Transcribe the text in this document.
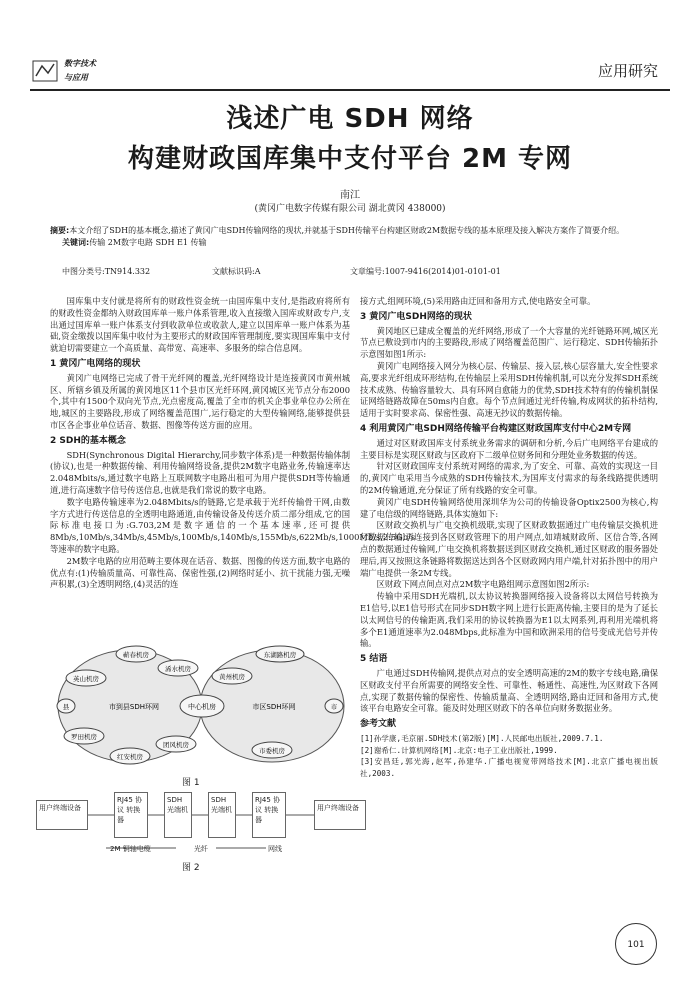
数字技术
与应用	应用研究
浅述广电 SDH 网络
构建财政国库集中支付平台 2M 专网
南江
(黄冈广电数字传媒有限公司 湖北黄冈 438000)
摘要:本文介绍了SDH的基本概念,描述了黄冈广电SDH传输网络的现状,并就基于SDH传输平台构建区财政2M数据专线的基本原理及接入解决方案作了简要介绍。
关键词:传输 2M数字电路 SDH E1 传输
中图分类号:TN914.332	文献标识码:A	文章编号:1007-9416(2014)01-0101-01

国库集中支付就是将所有的财政性资金统一由国库集中支付,是指政府将所有的财政性资金都纳入财政国库单一账户体系管理,收入直接缴入国库或财政专户,支出通过国库单一账户体系支付到收款单位或收款人,建立以国库单一账户体系为基础,资金缴拨以国库集中收付为主要形式的财政国库管理制度,要实现国库集中支付就迫切需要建立一个高质量、高带宽、高速率、多服务的综合信息网。

1 黄冈广电网络的现状

黄冈广电网络已完成了骨干光纤网的覆盖,光纤网络设计是连接黄冈市黄州城区、所辖乡镇及所属的黄冈地区11个县市区光纤环网,黄冈城区光节点分布2000个,其中有1500个双向光节点,光点密度高,覆盖了全市的机关企事业单位办公所在地,城区的主要路段,形成了网络覆盖范围广,运行稳定的大型传输网络,能够提供县市区各企事业单位话音、数据、图像等传送方面的应用。

2 SDH的基本概念

SDH(Synchronous Digital Hierarchy,同步数字体系)是一种数据传输体制(协议),也是一种数据传输、利用传输网络设备,提供2M数字电路业务,传输速率达2.048Mbits/s,通过数字电路上互联网数字电路出租可为用户提供SDH等传输通道,进行高速数字信号传送信息,也就是我们常说的数字电路。

数字电路传输速率为2.048Mbits/s的链路,它是承载于光纤传输骨干网,由数字方式进行传送信息的全透明电路通道,由传输设备及传送介质二部分组成,它的国际标准电接口为:G.703,2M是数字通信的一个基本速率,还可提供8Mb/s,10Mb/s,34Mb/s,45Mb/s,100Mb/s,140Mb/s,155Mb/s,622Mb/s,1000Mb/s,2.5Gb/s等速率的数字电路。

2M数字电路的应用范畴主要体现在话音、数据、图像的传送方面,数字电路的优点有:(1)传输质量高、可靠性高、保密性强,(2)网络时延小、抗干扰能力强,无噪声积累,(3)全透明网络,(4)灵活的连

中心机房
市到县SDH环网	市区SDH环网
蕲春机房
浠水机房
英山机房
罗田机房
红安机房
团风机房
县
东湖路机房
黄州机房
市委机房
市
图 1
用户终端设备
RJ45 协议 转换器
SDH 光端机
SDH 光端机
RJ45 协议 转换器
用户终端设备
2M 铜轴电缆	光纤	网线
图 2

接方式,组网环境,(5)采用路由迂回和备用方式,使电路安全可靠。

3 黄冈广电SDH网络的现状

黄冈地区已建成全覆盖的光纤网络,形成了一个大容量的光纤链路环网,城区光节点已敷设到市内的主要路段,形成了网络覆盖范围广、运行稳定、SDH传输拓扑示意图如图1所示:

黄冈广电网络接入网分为核心层、传输层、接入层,核心层容量大,安全性要求高,要求光纤组成环形结构,在传输层上采用SDH传输机制,可以充分发挥SDH系统技术成熟、传输容量较大、具有环网自愈能力的优势,SDH技术特有的传输机制保证网络链路故障在50ms内自愈。每个节点间通过光纤传输,构成网状的拓朴结构,适用于实时要求高、保密性强、高速无抄议的数据传输。

4 利用黄冈广电SDH网络传输平台构建区财政国库支付中心2M专网

通过对区财政国库支付系统业务需求的调研和分析,今后广电网络平台建成的主要目标是实现区财政与区政府下二级单位财务间和分理处业务数据的传送。

针对区财政国库支付系统对网络的需求,为了安全、可靠、高效的实现这一目的,黄冈广电采用当今成熟的SDH传输技术,为国库支付需求的每条线路提供透明的2M传输通道,充分保证了所有线路的安全可靠。

黄冈广电SDH传输网络使用深圳华为公司的传输设备Optix2500为核心,构建了电信级的网络链路,具体实施如下:

区财政交换机与广电交换机级联,实现了区财政数据通过广电传输层交换机进行数据传输,再连接到各区财政管理下的用户网点,如靖城财政所、区信合等,各网点的数据通过传输网,广电交换机将数据送到区财政交换机,通过区财政的服务器处理后,再又按照这条链路将数据送达到各个区财政网内用户端,针对拓扑图中的用户端广电提供一条2M专线。

区财政下网点间点对点2M数字电路组网示意图如图2所示:

传输中采用SDH光端机,以太协议转换器网络接入设备将以太网信号转换为E1信号,以E1信号形式在同步SDH数字网上进行长距离传输,主要目的是为了延长以太网信号的传输距离,我们采用的协议转换器为E1以太网系列,再利用光端机将多个E1通道速率为2.048Mbps,此标准为中国和欧洲采用的信号变成光信号并传输。

5 结语

广电通过SDH传输网,提供点对点的安全透明高速的2M的数字专线电路,确保区财政支付平台所需要的网络安全性、可靠性、畅通性、高速性,为区财政下各网点,实现了数据传输的保密性、传输质量高、全透明网络,路由迂回和备用方式,使该平台电路安全可靠。能及时处理区财政下的各单位向财务数据业务。

参考文献

[1]孙学康,毛京丽.SDH技术(第2版)[M].人民邮电出版社,2009.7.1.

[2]谢希仁.计算机网络[M].北京:电子工业出版社,1999.

[3]安昌廷,郭光海,赵军,孙建华.广播电视宽带网络技术[M].北京广播电视出版社,2003.

101
